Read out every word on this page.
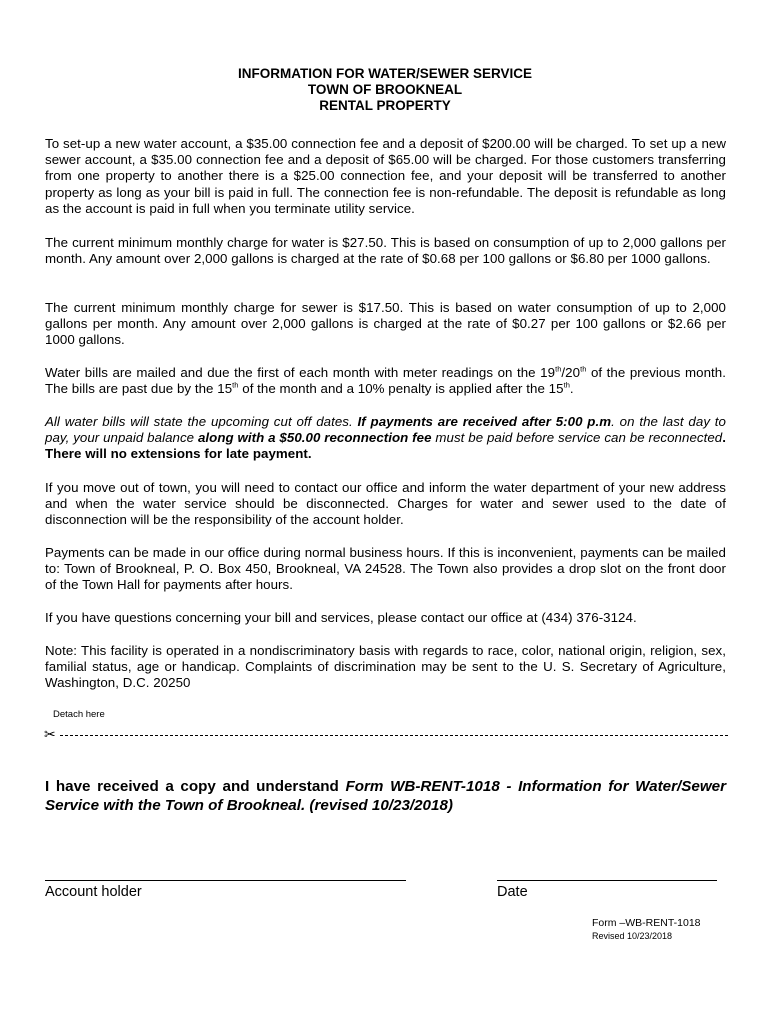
INFORMATION FOR WATER/SEWER SERVICE
TOWN OF BROOKNEAL
RENTAL PROPERTY
To set-up a new water account, a $35.00 connection fee and a deposit of $200.00 will be charged. To set up a new sewer account, a $35.00 connection fee and a deposit of $65.00 will be charged. For those customers transferring from one property to another there is a $25.00 connection fee, and your deposit will be transferred to another property as long as your bill is paid in full. The connection fee is non-refundable. The deposit is refundable as long as the account is paid in full when you terminate utility service.
The current minimum monthly charge for water is $27.50. This is based on consumption of up to 2,000 gallons per month. Any amount over 2,000 gallons is charged at the rate of $0.68 per 100 gallons or $6.80 per 1000 gallons.
The current minimum monthly charge for sewer is $17.50. This is based on water consumption of up to 2,000 gallons per month. Any amount over 2,000 gallons is charged at the rate of $0.27 per 100 gallons or $2.66 per 1000 gallons.
Water bills are mailed and due the first of each month with meter readings on the 19th/20th of the previous month. The bills are past due by the 15th of the month and a 10% penalty is applied after the 15th.
All water bills will state the upcoming cut off dates. If payments are received after 5:00 p.m. on the last day to pay, your unpaid balance along with a $50.00 reconnection fee must be paid before service can be reconnected. There will no extensions for late payment.
If you move out of town, you will need to contact our office and inform the water department of your new address and when the water service should be disconnected. Charges for water and sewer used to the date of disconnection will be the responsibility of the account holder.
Payments can be made in our office during normal business hours. If this is inconvenient, payments can be mailed to: Town of Brookneal, P. O. Box 450, Brookneal, VA 24528. The Town also provides a drop slot on the front door of the Town Hall for payments after hours.
If you have questions concerning your bill and services, please contact our office at (434) 376-3124.
Note: This facility is operated in a nondiscriminatory basis with regards to race, color, national origin, religion, sex, familial status, age or handicap. Complaints of discrimination may be sent to the U. S. Secretary of Agriculture, Washington, D.C. 20250
Detach here
✂
I have received a copy and understand Form WB-RENT-1018 - Information for Water/Sewer Service with the Town of Brookneal. (revised 10/23/2018)
Account holder	Date
Form –WB-RENT-1018
Revised 10/23/2018
